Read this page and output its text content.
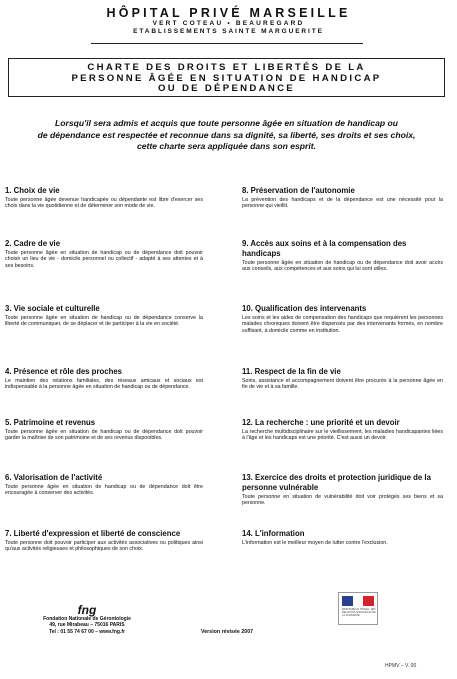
HÔPITAL PRIVÉ MARSEILLE
VERT COTEAU • BEAUREGARD
ETABLISSEMENTS SAINTE MARGUERITE
CHARTE DES DROITS ET LIBERTÉS DE LA
PERSONNE ÂGÉE EN SITUATION DE HANDICAP
OU DE DÉPENDANCE
Lorsqu'il sera admis et acquis que toute personne âgée en situation de handicap ou
de dépendance est respectée et reconnue dans sa dignité, sa liberté, ses droits et ses choix,
cette charte sera appliquée dans son esprit.
1. Choix de vie
Toute personne âgée devenue handicapée ou dépendante est libre d'exercer ses choix dans la vie quotidienne et de déterminer son mode de vie.
2. Cadre de vie
Toute personne âgée en situation de handicap ou de dépendance doit pouvoir choisir un lieu de vie - domicile personnel ou collectif - adapté à ses attentes et à ses besoins.
3. Vie sociale et culturelle
Toute personne âgée en situation de handicap ou de dépendance conserve la liberté de communiquer, de se déplacer et de participer à la vie en société.
4. Présence et rôle des proches
Le maintien des relations familiales, des réseaux amicaux et sociaux est indispensable à la personne âgée en situation de handicap ou de dépendance.
5. Patrimoine et revenus
Toute personne âgée en situation de handicap ou de dépendance doit pouvoir garder la maîtrise de son patrimoine et de ses revenus disponibles.
6. Valorisation de l'activité
Toute personne âgée en situation de handicap ou de dépendance doit être encouragée à conserver des activités.
7. Liberté d'expression et liberté de conscience
Toute personne doit pouvoir participer aux activités associatives ou politiques ainsi qu'aux activités religieuses et philosophiques de son choix.
8. Préservation de l'autonomie
La prévention des handicaps et de la dépendance est une nécessité pour la personne qui vieillit.
9. Accès aux soins et à la compensation des handicaps
Toute personne âgée en situation de handicap ou de dépendance doit avoir accès aux conseils, aux compétences et aux soins qui lui sont utiles.
10. Qualification des intervenants
Les soins et les aides de compensation des handicaps que requièrent les personnes malades chroniques doivent être dispensés par des intervenants formés, en nombre suffisant, à domicile comme en institution.
11. Respect de la fin de vie
Soins, assistance et accompagnement doivent être procurés à la personne âgée en fin de vie et à sa famille.
12. La recherche : une priorité et un devoir
La recherche multidisciplinaire sur le vieillissement, les maladies handicapantes liées à l'âge et les handicaps est une priorité. C'est aussi un devoir.
13. Exercice des droits et protection juridique de la personne vulnérable
Toute personne en situation de vulnérabilité doit voir protégés ses biens et sa personne.
14. L'information
L'information est le meilleur moyen de lutter contre l'exclusion.
fng
Fondation Nationale de Gérontologie
49, rue Mirabeau – 75016 PARIS
Tel : 01 55 74 67 00 – www.fng.fr	Version révisée 2007
MINISTÈRE DU TRAVAIL, DES RELATIONS SOCIALES ET DE LA SOLIDARITÉ
HPMV – V. 00
